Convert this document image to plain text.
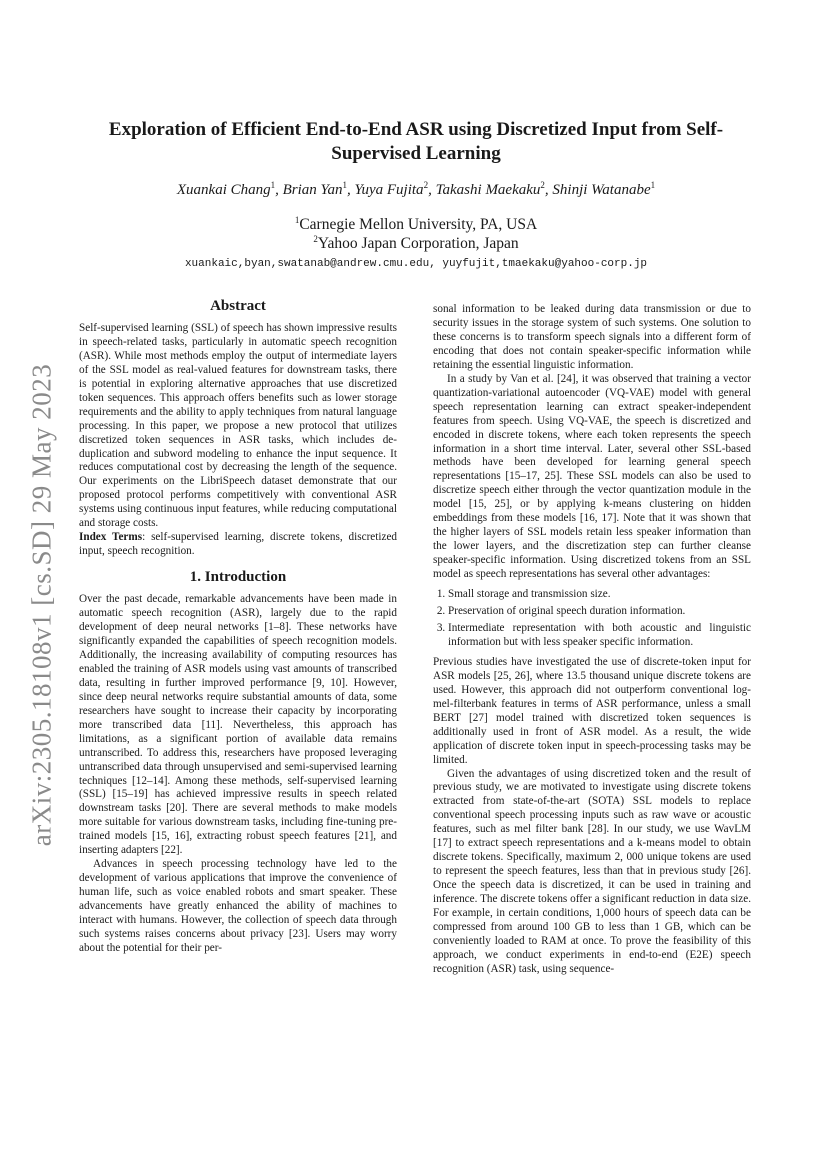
arXiv:2305.18108v1 [cs.SD] 29 May 2023
Exploration of Efficient End-to-End ASR using Discretized Input from Self-Supervised Learning
Xuankai Chang$^1$, Brian Yan$^1$, Yuya Fujita$^2$, Takashi Maekaku$^2$, Shinji Watanabe$^1$
$^1$Carnegie Mellon University, PA, USA
$^2$Yahoo Japan Corporation, Japan
xuankaic,byan,swatanab@andrew.cmu.edu, yuyfujit,tmaekaku@yahoo-corp.jp
Abstract

Self-supervised learning (SSL) of speech has shown impressive results in speech-related tasks, particularly in automatic speech recognition (ASR). While most methods employ the output of intermediate layers of the SSL model as real-valued features for downstream tasks, there is potential in exploring alternative approaches that use discretized token sequences. This approach offers benefits such as lower storage requirements and the ability to apply techniques from natural language processing. In this paper, we propose a new protocol that utilizes discretized token sequences in ASR tasks, which includes de-duplication and subword modeling to enhance the input sequence. It reduces computational cost by decreasing the length of the sequence. Our experiments on the LibriSpeech dataset demonstrate that our proposed protocol performs competitively with conventional ASR systems using continuous input features, while reducing computational and storage costs.

Index Terms: self-supervised learning, discrete tokens, discretized input, speech recognition.

1. Introduction

Over the past decade, remarkable advancements have been made in automatic speech recognition (ASR), largely due to the rapid development of deep neural networks [1–8]. These networks have significantly expanded the capabilities of speech recognition models. Additionally, the increasing availability of computing resources has enabled the training of ASR models using vast amounts of transcribed data, resulting in further improved performance [9, 10]. However, since deep neural networks require substantial amounts of data, some researchers have sought to increase their capacity by incorporating more transcribed data [11]. Nevertheless, this approach has limitations, as a significant portion of available data remains untranscribed. To address this, researchers have proposed leveraging untranscribed data through unsupervised and semi-supervised learning techniques [12–14]. Among these methods, self-supervised learning (SSL) [15–19] has achieved impressive results in speech related downstream tasks [20]. There are several methods to make models more suitable for various downstream tasks, including fine-tuning pre-trained models [15, 16], extracting robust speech features [21], and inserting adapters [22].

Advances in speech processing technology have led to the development of various applications that improve the convenience of human life, such as voice enabled robots and smart speaker. These advancements have greatly enhanced the ability of machines to interact with humans. However, the collection of speech data through such systems raises concerns about privacy [23]. Users may worry about the potential for their per-

sonal information to be leaked during data transmission or due to security issues in the storage system of such systems. One solution to these concerns is to transform speech signals into a different form of encoding that does not contain speaker-specific information while retaining the essential linguistic information.

In a study by Van et al. [24], it was observed that training a vector quantization-variational autoencoder (VQ-VAE) model with general speech representation learning can extract speaker-independent features from speech. Using VQ-VAE, the speech is discretized and encoded in discrete tokens, where each token represents the speech information in a short time interval. Later, several other SSL-based methods have been developed for learning general speech representations [15–17, 25]. These SSL models can also be used to discretize speech either through the vector quantization module in the model [15, 25], or by applying k-means clustering on hidden embeddings from these models [16, 17]. Note that it was shown that the higher layers of SSL models retain less speaker information than the lower layers, and the discretization step can further cleanse speaker-specific information. Using discretized tokens from an SSL model as speech representations has several other advantages:

1. Small storage and transmission size.
2. Preservation of original speech duration information.
3. Intermediate representation with both acoustic and linguistic information but with less speaker specific information.

Previous studies have investigated the use of discrete-token input for ASR models [25, 26], where 13.5 thousand unique discrete tokens are used. However, this approach did not outperform conventional log-mel-filterbank features in terms of ASR performance, unless a small BERT [27] model trained with discretized token sequences is additionally used in front of ASR model. As a result, the wide application of discrete token input in speech-processing tasks may be limited.

Given the advantages of using discretized token and the result of previous study, we are motivated to investigate using discrete tokens extracted from state-of-the-art (SOTA) SSL models to replace conventional speech processing inputs such as raw wave or acoustic features, such as mel filter bank [28]. In our study, we use WavLM [17] to extract speech representations and a k-means model to obtain discrete tokens. Specifically, maximum 2, 000 unique tokens are used to represent the speech features, less than that in previous study [26]. Once the speech data is discretized, it can be used in training and inference. The discrete tokens offer a significant reduction in data size. For example, in certain conditions, 1,000 hours of speech data can be compressed from around 100 GB to less than 1 GB, which can be conveniently loaded to RAM at once. To prove the feasibility of this approach, we conduct experiments in end-to-end (E2E) speech recognition (ASR) task, using sequence-
